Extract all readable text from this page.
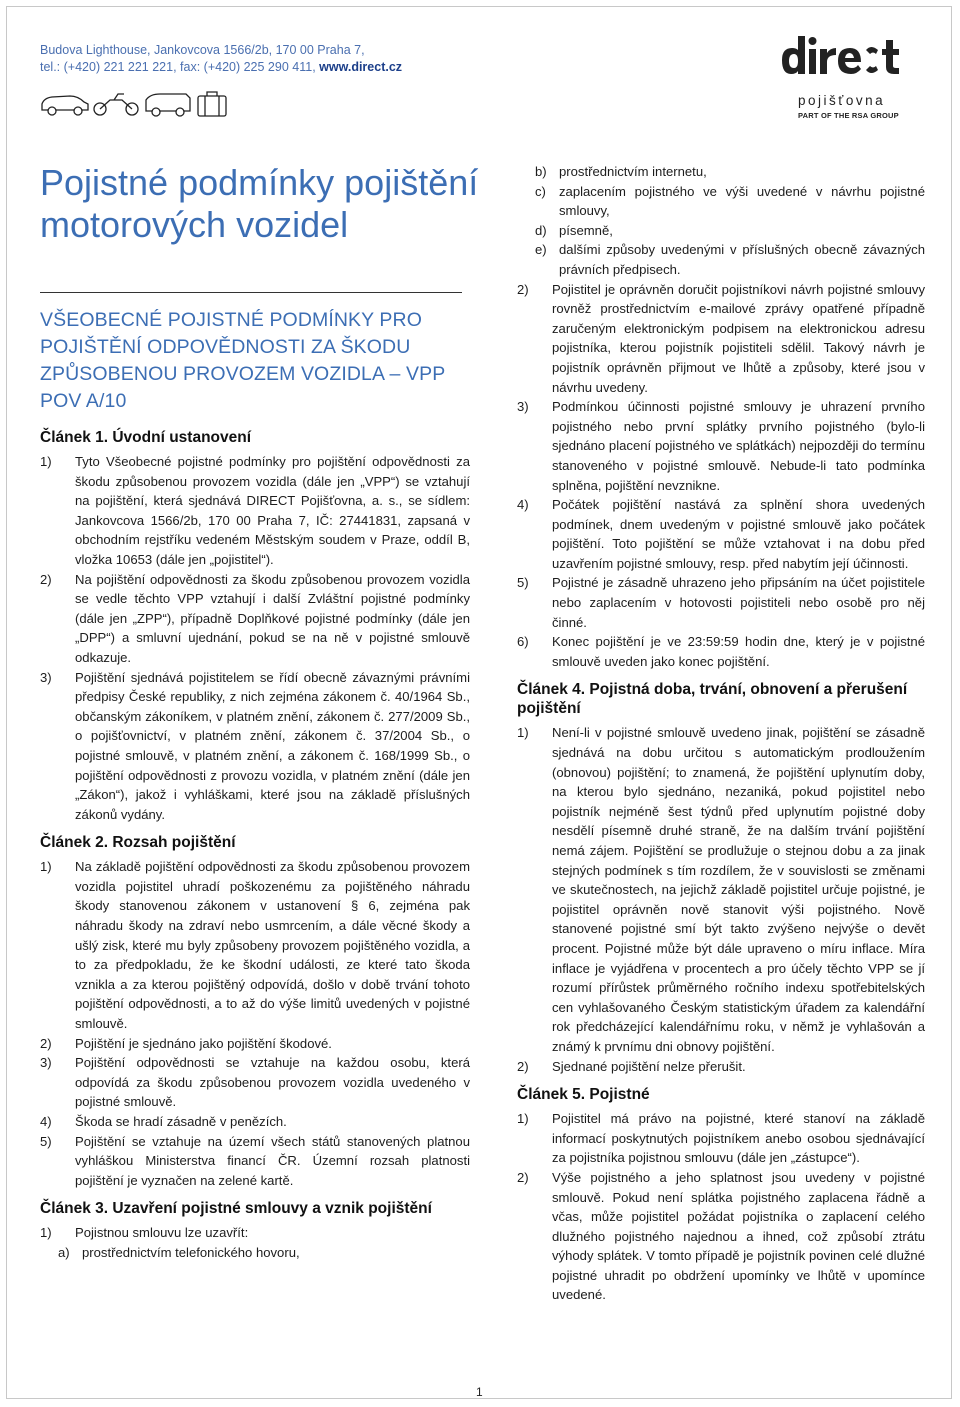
Budova Lighthouse, Jankovcova 1566/2b, 170 00 Praha 7,
tel.: (+420) 221 221 221, fax: (+420) 225 290 411, www.direct.cz
pojišťovna
PART OF THE RSA GROUP
Pojistné podmínky pojištění motorových vozidel
VŠEOBECNÉ POJISTNÉ PODMÍNKY PRO POJIŠTĚNÍ ODPOVĚDNOSTI ZA ŠKODU ZPŮSOBENOU PROVOZEM VOZIDLA – VPP POV A/10
Článek 1. Úvodní ustanovení
1) Tyto Všeobecné pojistné podmínky pro pojištění odpovědnosti za škodu způsobenou provozem vozidla (dále jen „VPP“) se vztahují na pojištění, která sjednává DIRECT Pojišťovna, a. s., se sídlem: Jankovcova 1566/2b, 170 00 Praha 7, IČ: 27441831, zapsaná v obchodním rejstříku vedeném Městským soudem v Praze, oddíl B, vložka 10653 (dále jen „pojistitel“).
2) Na pojištění odpovědnosti za škodu způsobenou provozem vozidla se vedle těchto VPP vztahují i další Zvláštní pojistné podmínky (dále jen „ZPP“), případně Doplňkové pojistné podmínky (dále jen „DPP“) a smluvní ujednání, pokud se na ně v pojistné smlouvě odkazuje.
3) Pojištění sjednává pojistitelem se řídí obecně závaznými právními předpisy České republiky, z nich zejména zákonem č. 40/1964 Sb., občanským zákoníkem, v platném znění, zákonem č. 277/2009 Sb., o pojišťovnictví, v platném znění, zákonem č. 37/2004 Sb., o pojistné smlouvě, v platném znění, a zákonem č. 168/1999 Sb., o pojištění odpovědnosti z provozu vozidla, v platném znění (dále jen „Zákon“), jakož i vyhláškami, které jsou na základě příslušných zákonů vydány.
Článek 2. Rozsah pojištění
1) Na základě pojištění odpovědnosti za škodu způsobenou provozem vozidla pojistitel uhradí poškozenému za pojištěného náhradu škody stanovenou zákonem v ustanovení § 6, zejména pak náhradu škody na zdraví nebo usmrcením, a dále věcné škody a ušlý zisk, které mu byly způsobeny provozem pojištěného vozidla, a to za předpokladu, že ke škodní události, ze které tato škoda vznikla a za kterou pojištěný odpovídá, došlo v době trvání tohoto pojištění odpovědnosti, a to až do výše limitů uvedených v pojistné smlouvě.
2) Pojištění je sjednáno jako pojištění škodové.
3) Pojištění odpovědnosti se vztahuje na každou osobu, která odpovídá za škodu způsobenou provozem vozidla uvedeného v pojistné smlouvě.
4) Škoda se hradí zásadně v penězích.
5) Pojištění se vztahuje na území všech států stanovených platnou vyhláškou Ministerstva financí ČR. Územní rozsah platnosti pojištění je vyznačen na zelené kartě.
Článek 3. Uzavření pojistné smlouvy a vznik pojištění
1) Pojistnou smlouvu lze uzavřít:
a) prostřednictvím telefonického hovoru,
b) prostřednictvím internetu,
c) zaplacením pojistného ve výši uvedené v návrhu pojistné smlouvy,
d) písemně,
e) dalšími způsoby uvedenými v příslušných obecně závazných právních předpisech.
2) Pojistitel je oprávněn doručit pojistníkovi návrh pojistné smlouvy rovněž prostřednictvím e-mailové zprávy opatřené případně zaručeným elektronickým podpisem na elektronickou adresu pojistníka, kterou pojistník pojistiteli sdělil. Takový návrh je pojistník oprávněn přijmout ve lhůtě a způsoby, které jsou v návrhu uvedeny.
3) Podmínkou účinnosti pojistné smlouvy je uhrazení prvního pojistného nebo první splátky prvního pojistného (bylo-li sjednáno placení pojistného ve splátkách) nejpozději do termínu stanoveného v pojistné smlouvě. Nebude-li tato podmínka splněna, pojištění nevznikne.
4) Počátek pojištění nastává za splnění shora uvedených podmínek, dnem uvedeným v pojistné smlouvě jako počátek pojištění. Toto pojištění se může vztahovat i na dobu před uzavřením pojistné smlouvy, resp. před nabytím její účinnosti.
5) Pojistné je zásadně uhrazeno jeho připsáním na účet pojistitele nebo zaplacením v hotovosti pojistiteli nebo osobě pro něj činné.
6) Konec pojištění je ve 23:59:59 hodin dne, který je v pojistné smlouvě uveden jako konec pojištění.
Článek 4. Pojistná doba, trvání, obnovení a přerušení pojištění
1) Není-li v pojistné smlouvě uvedeno jinak, pojištění se zásadně sjednává na dobu určitou s automatickým prodloužením (obnovou) pojištění; to znamená, že pojištění uplynutím doby, na kterou bylo sjednáno, nezaniká, pokud pojistitel nebo pojistník nejméně šest týdnů před uplynutím pojistné doby nesdělí písemně druhé straně, že na dalším trvání pojištění nemá zájem. Pojištění se prodlužuje o stejnou dobu a za jinak stejných podmínek s tím rozdílem, že v souvislosti se změnami ve skutečnostech, na jejichž základě pojistitel určuje pojistné, je pojistitel oprávněn nově stanovit výši pojistného. Nově stanovené pojistné smí být takto zvýšeno nejvýše o devět procent. Pojistné může být dále upraveno o míru inflace. Míra inflace je vyjádřena v procentech a pro účely těchto VPP se jí rozumí přírůstek průměrného ročního indexu spotřebitelských cen vyhlašovaného Českým statistickým úřadem za kalendářní rok předcházející kalendářnímu roku, v němž je vyhlašován a známý k prvnímu dni obnovy pojištění.
2) Sjednané pojištění nelze přerušit.
Článek 5. Pojistné
1) Pojistitel má právo na pojistné, které stanoví na základě informací poskytnutých pojistníkem anebo osobou sjednávající za pojistníka pojistnou smlouvu (dále jen „zástupce“).
2) Výše pojistného a jeho splatnost jsou uvedeny v pojistné smlouvě. Pokud není splátka pojistného zaplacena řádně a včas, může pojistitel požádat pojistníka o zaplacení celého dlužného pojistného najednou a ihned, což způsobí ztrátu výhody splátek. V tomto případě je pojistník povinen celé dlužné pojistné uhradit po obdržení upomínky ve lhůtě v upomínce uvedené.
1
